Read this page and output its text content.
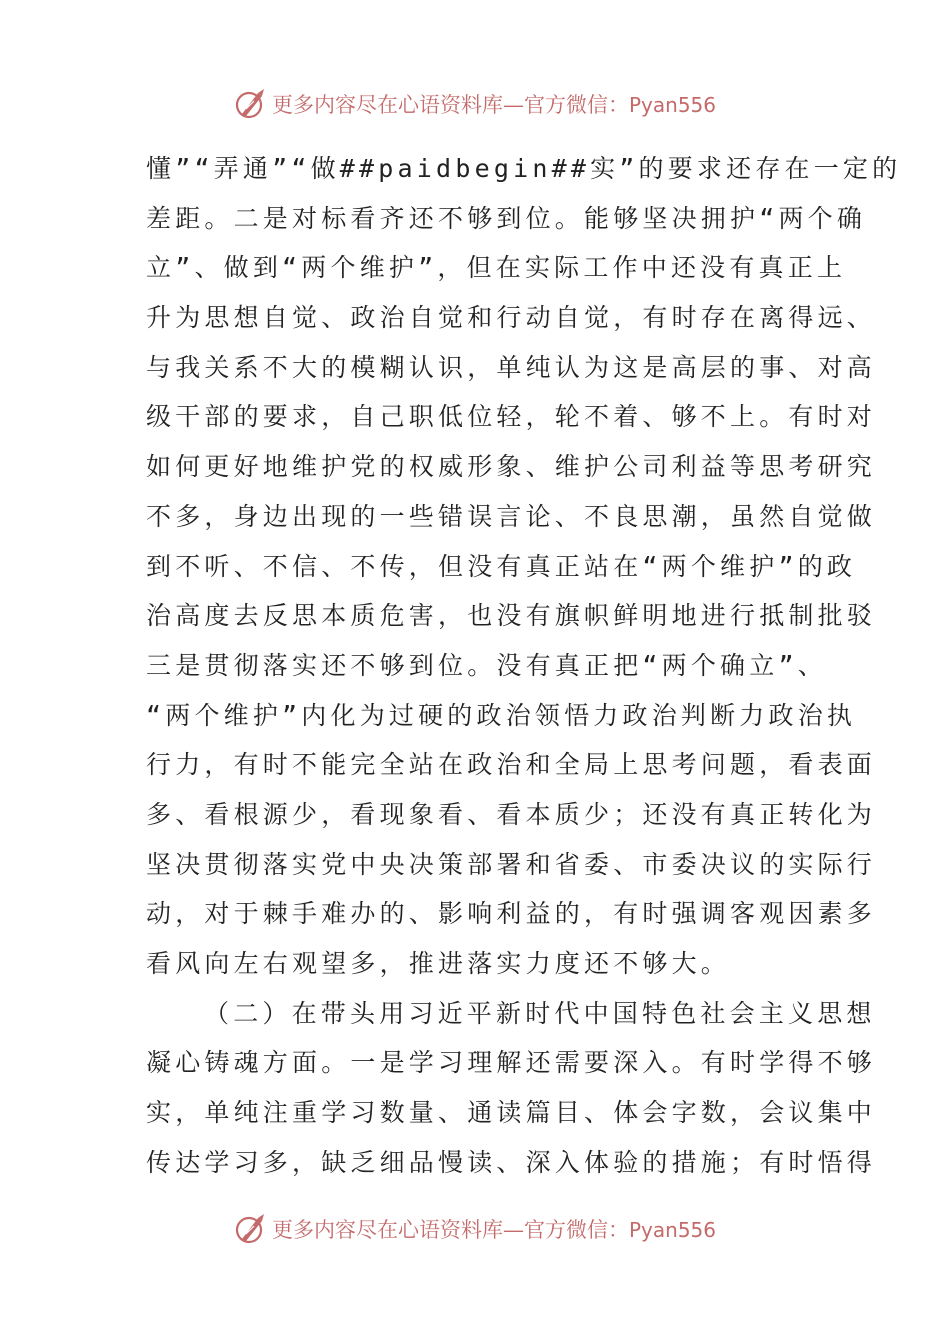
更多内容尽在心语资料库—官方微信：Pyan556
懂”“弄通”“做##paidbegin##实”的要求还存在一定的
差距。二是对标看齐还不够到位。能够坚决拥护“两个确
立”、做到“两个维护”，但在实际工作中还没有真正上
升为思想自觉、政治自觉和行动自觉，有时存在离得远、
与我关系不大的模糊认识，单纯认为这是高层的事、对高
级干部的要求，自己职低位轻，轮不着、够不上。有时对
如何更好地维护党的权威形象、维护公司利益等思考研究
不多，身边出现的一些错误言论、不良思潮，虽然自觉做
到不听、不信、不传，但没有真正站在“两个维护”的政
治高度去反思本质危害，也没有旗帜鲜明地进行抵制批驳
三是贯彻落实还不够到位。没有真正把“两个确立”、
“两个维护”内化为过硬的政治领悟力政治判断力政治执
行力，有时不能完全站在政治和全局上思考问题，看表面
多、看根源少，看现象看、看本质少；还没有真正转化为
坚决贯彻落实党中央决策部署和省委、市委决议的实际行
动，对于棘手难办的、影响利益的，有时强调客观因素多
看风向左右观望多，推进落实力度还不够大。
（二）在带头用习近平新时代中国特色社会主义思想
凝心铸魂方面。一是学习理解还需要深入。有时学得不够
实，单纯注重学习数量、通读篇目、体会字数，会议集中
传达学习多，缺乏细品慢读、深入体验的措施；有时悟得
更多内容尽在心语资料库—官方微信：Pyan556
